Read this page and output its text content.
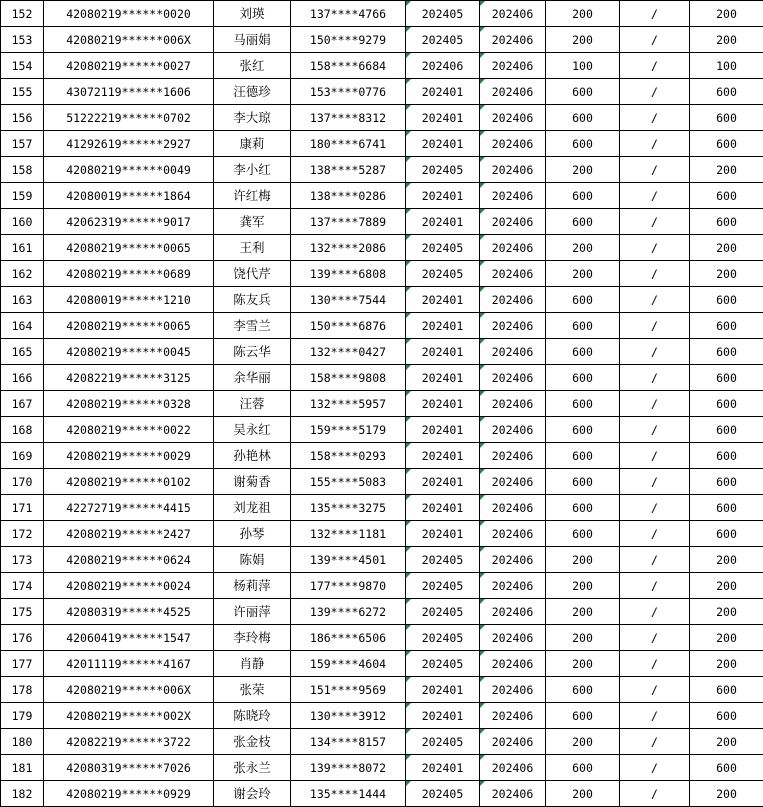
152	42080219******0020	刘瑛	137****4766	202405	202406	200	/	200
153	42080219******006X	马丽娟	150****9279	202405	202406	200	/	200
154	42080219******0027	张红	158****6684	202406	202406	100	/	100
155	43072119******1606	汪德珍	153****0776	202401	202406	600	/	600
156	51222219******0702	李大琼	137****8312	202401	202406	600	/	600
157	41292619******2927	康莉	180****6741	202401	202406	600	/	600
158	42080219******0049	李小红	138****5287	202405	202406	200	/	200
159	42080019******1864	许红梅	138****0286	202401	202406	600	/	600
160	42062319******9017	龚军	137****7889	202401	202406	600	/	600
161	42080219******0065	王利	132****2086	202405	202406	200	/	200
162	42080219******0689	饶代芹	139****6808	202405	202406	200	/	200
163	42080019******1210	陈友兵	130****7544	202401	202406	600	/	600
164	42080219******0065	李雪兰	150****6876	202401	202406	600	/	600
165	42080219******0045	陈云华	132****0427	202401	202406	600	/	600
166	42082219******3125	余华丽	158****9808	202401	202406	600	/	600
167	42080219******0328	汪蓉	132****5957	202401	202406	600	/	600
168	42080219******0022	吴永红	159****5179	202401	202406	600	/	600
169	42080219******0029	孙艳林	158****0293	202401	202406	600	/	600
170	42080219******0102	谢菊香	155****5083	202401	202406	600	/	600
171	42272719******4415	刘龙祖	135****3275	202401	202406	600	/	600
172	42080219******2427	孙琴	132****1181	202401	202406	600	/	600
173	42080219******0624	陈娟	139****4501	202405	202406	200	/	200
174	42080219******0024	杨莉萍	177****9870	202405	202406	200	/	200
175	42080319******4525	许丽萍	139****6272	202405	202406	200	/	200
176	42060419******1547	李玲梅	186****6506	202405	202406	200	/	200
177	42011119******4167	肖静	159****4604	202405	202406	200	/	200
178	42080219******006X	张荣	151****9569	202401	202406	600	/	600
179	42080219******002X	陈晓玲	130****3912	202401	202406	600	/	600
180	42082219******3722	张金枝	134****8157	202405	202406	200	/	200
181	42080319******7026	张永兰	139****8072	202401	202406	600	/	600
182	42080219******0929	谢会玲	135****1444	202405	202406	200	/	200
